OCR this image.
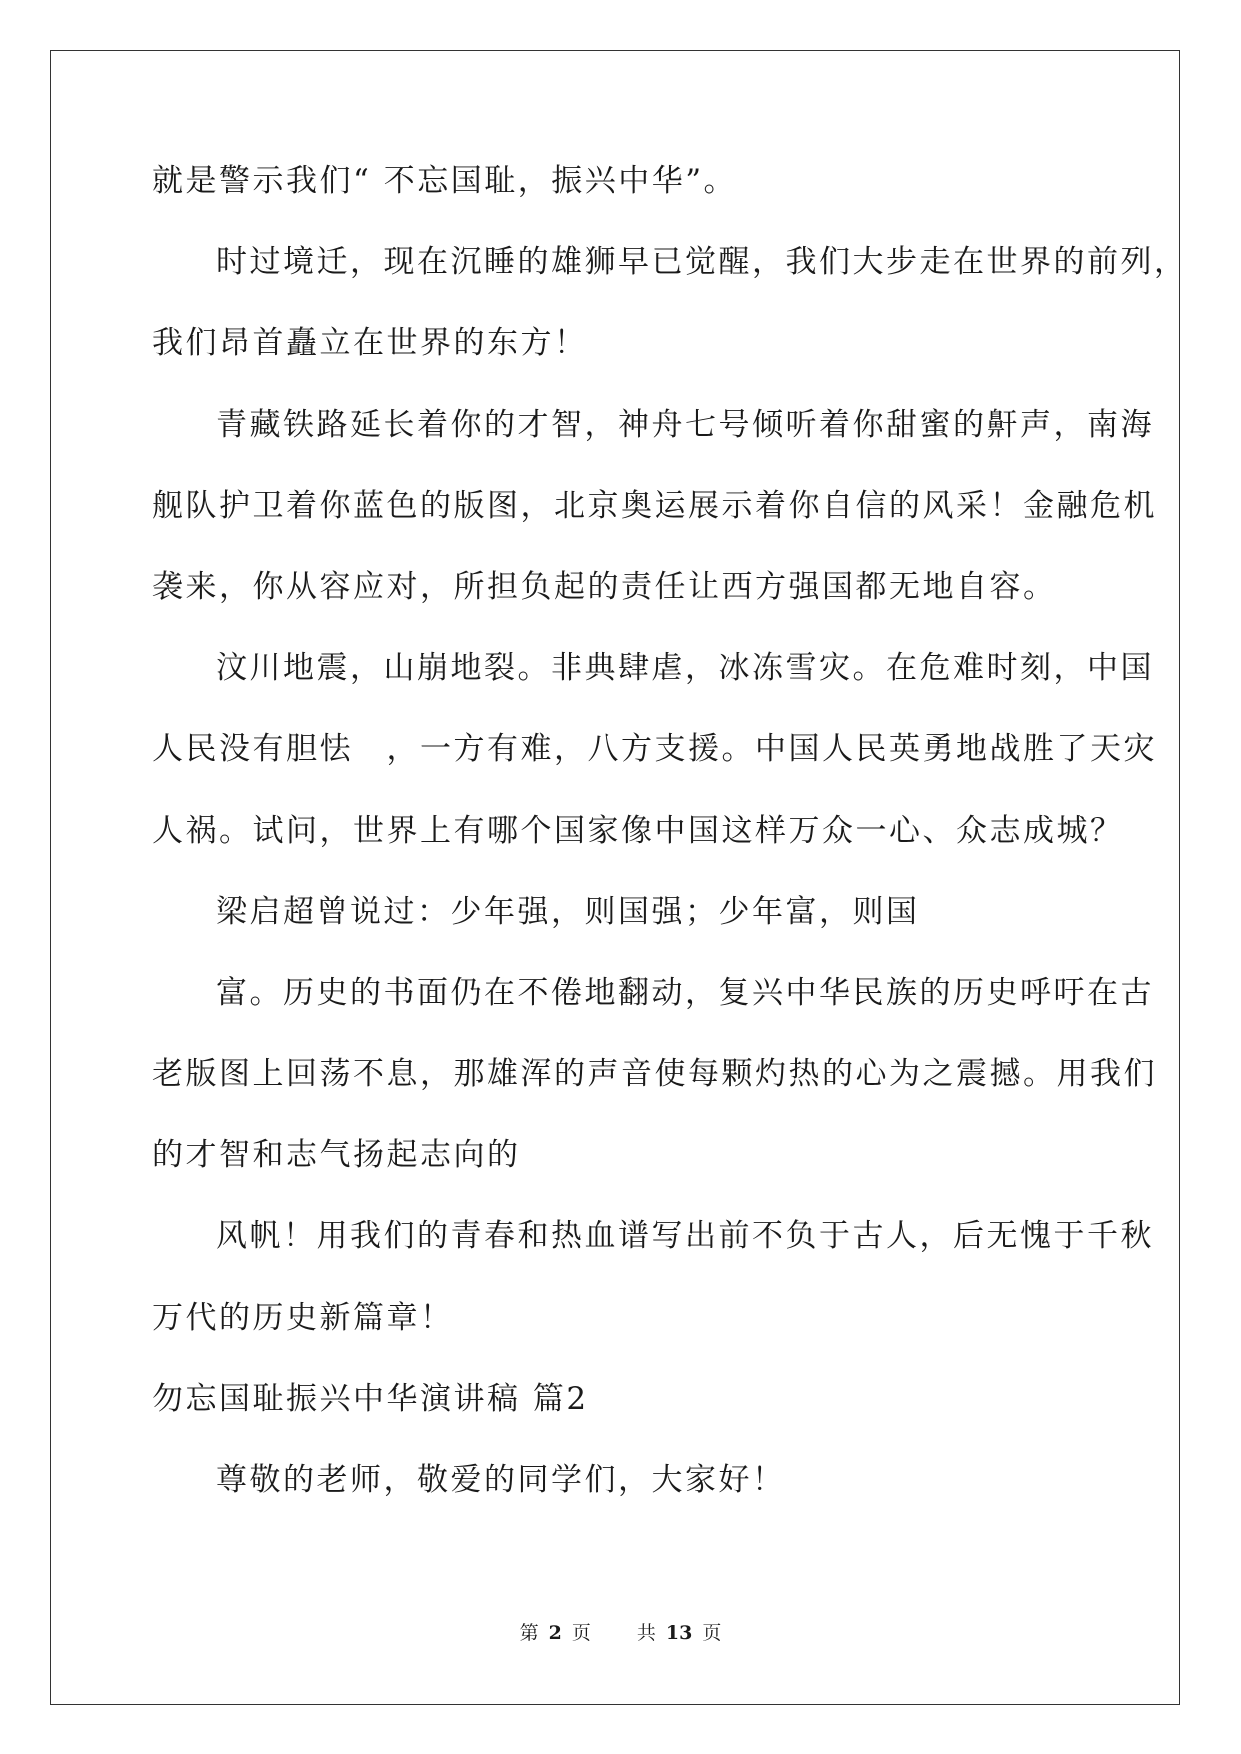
就是警示我们“ 不忘国耻，振兴中华”。
时过境迁，现在沉睡的雄狮早已觉醒，我们大步走在世界的前列，
我们昂首矗立在世界的东方！
青藏铁路延长着你的才智，神舟七号倾听着你甜蜜的鼾声，南海
舰队护卫着你蓝色的版图，北京奥运展示着你自信的风采！金融危机
袭来，你从容应对，所担负起的责任让西方强国都无地自容。
汶川地震，山崩地裂。非典肆虐，冰冻雪灾。在危难时刻，中国
人民没有胆怯　，一方有难，八方支援。中国人民英勇地战胜了天灾
人祸。试问，世界上有哪个国家像中国这样万众一心、众志成城？
梁启超曾说过：少年强，则国强；少年富，则国
富。历史的书面仍在不倦地翻动，复兴中华民族的历史呼吁在古
老版图上回荡不息，那雄浑的声音使每颗灼热的心为之震撼。用我们
的才智和志气扬起志向的
风帆！用我们的青春和热血谱写出前不负于古人，后无愧于千秋
万代的历史新篇章！
勿忘国耻振兴中华演讲稿 篇2
尊敬的老师，敬爱的同学们，大家好！
第 2 页 共 13 页
